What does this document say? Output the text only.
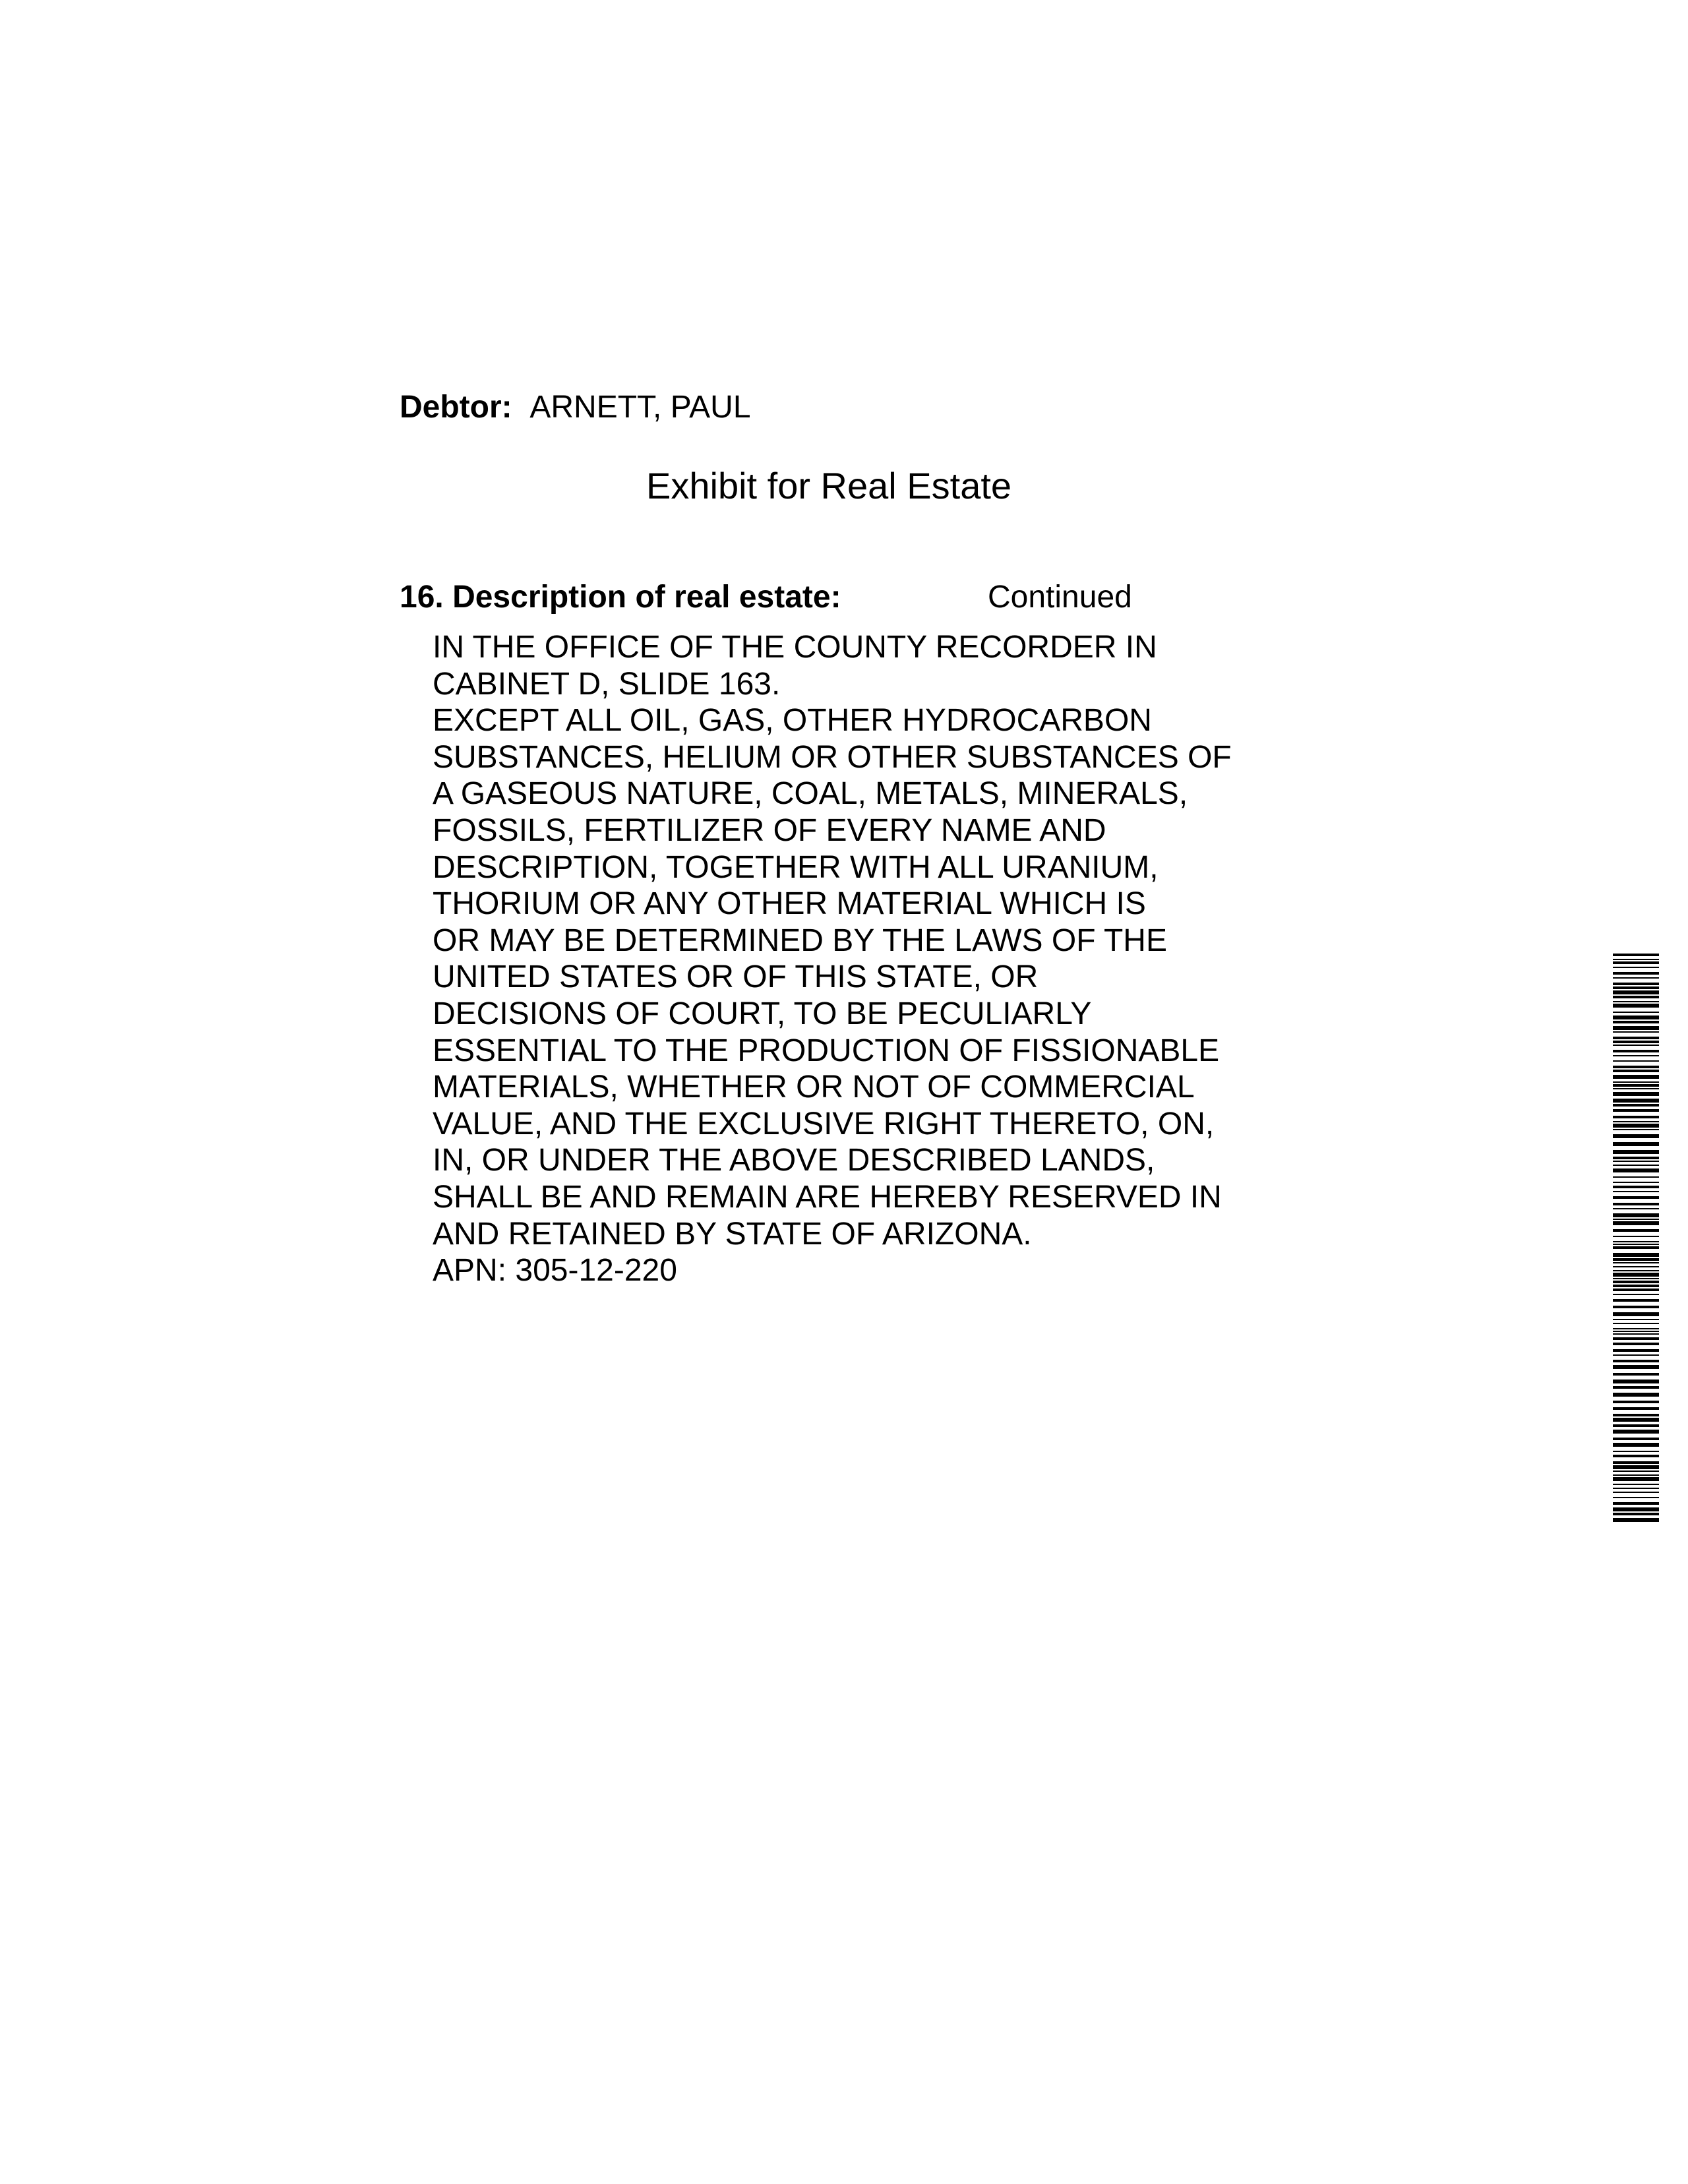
Debtor: ARNETT, PAUL
Exhibit for Real Estate
16. Description of real estate:	Continued
IN THE OFFICE OF THE COUNTY RECORDER IN
CABINET D, SLIDE 163.
EXCEPT ALL OIL, GAS, OTHER HYDROCARBON
SUBSTANCES, HELIUM OR OTHER SUBSTANCES OF
A GASEOUS NATURE, COAL, METALS, MINERALS,
FOSSILS, FERTILIZER OF EVERY NAME AND
DESCRIPTION, TOGETHER WITH ALL URANIUM,
THORIUM OR ANY OTHER MATERIAL WHICH IS
OR MAY BE DETERMINED BY THE LAWS OF THE
UNITED STATES OR OF THIS STATE, OR
DECISIONS OF COURT, TO BE PECULIARLY
ESSENTIAL TO THE PRODUCTION OF FISSIONABLE
MATERIALS, WHETHER OR NOT OF COMMERCIAL
VALUE, AND THE EXCLUSIVE RIGHT THERETO, ON,
IN, OR UNDER THE ABOVE DESCRIBED LANDS,
SHALL BE AND REMAIN ARE HEREBY RESERVED IN
AND RETAINED BY STATE OF ARIZONA.
APN: 305-12-220
